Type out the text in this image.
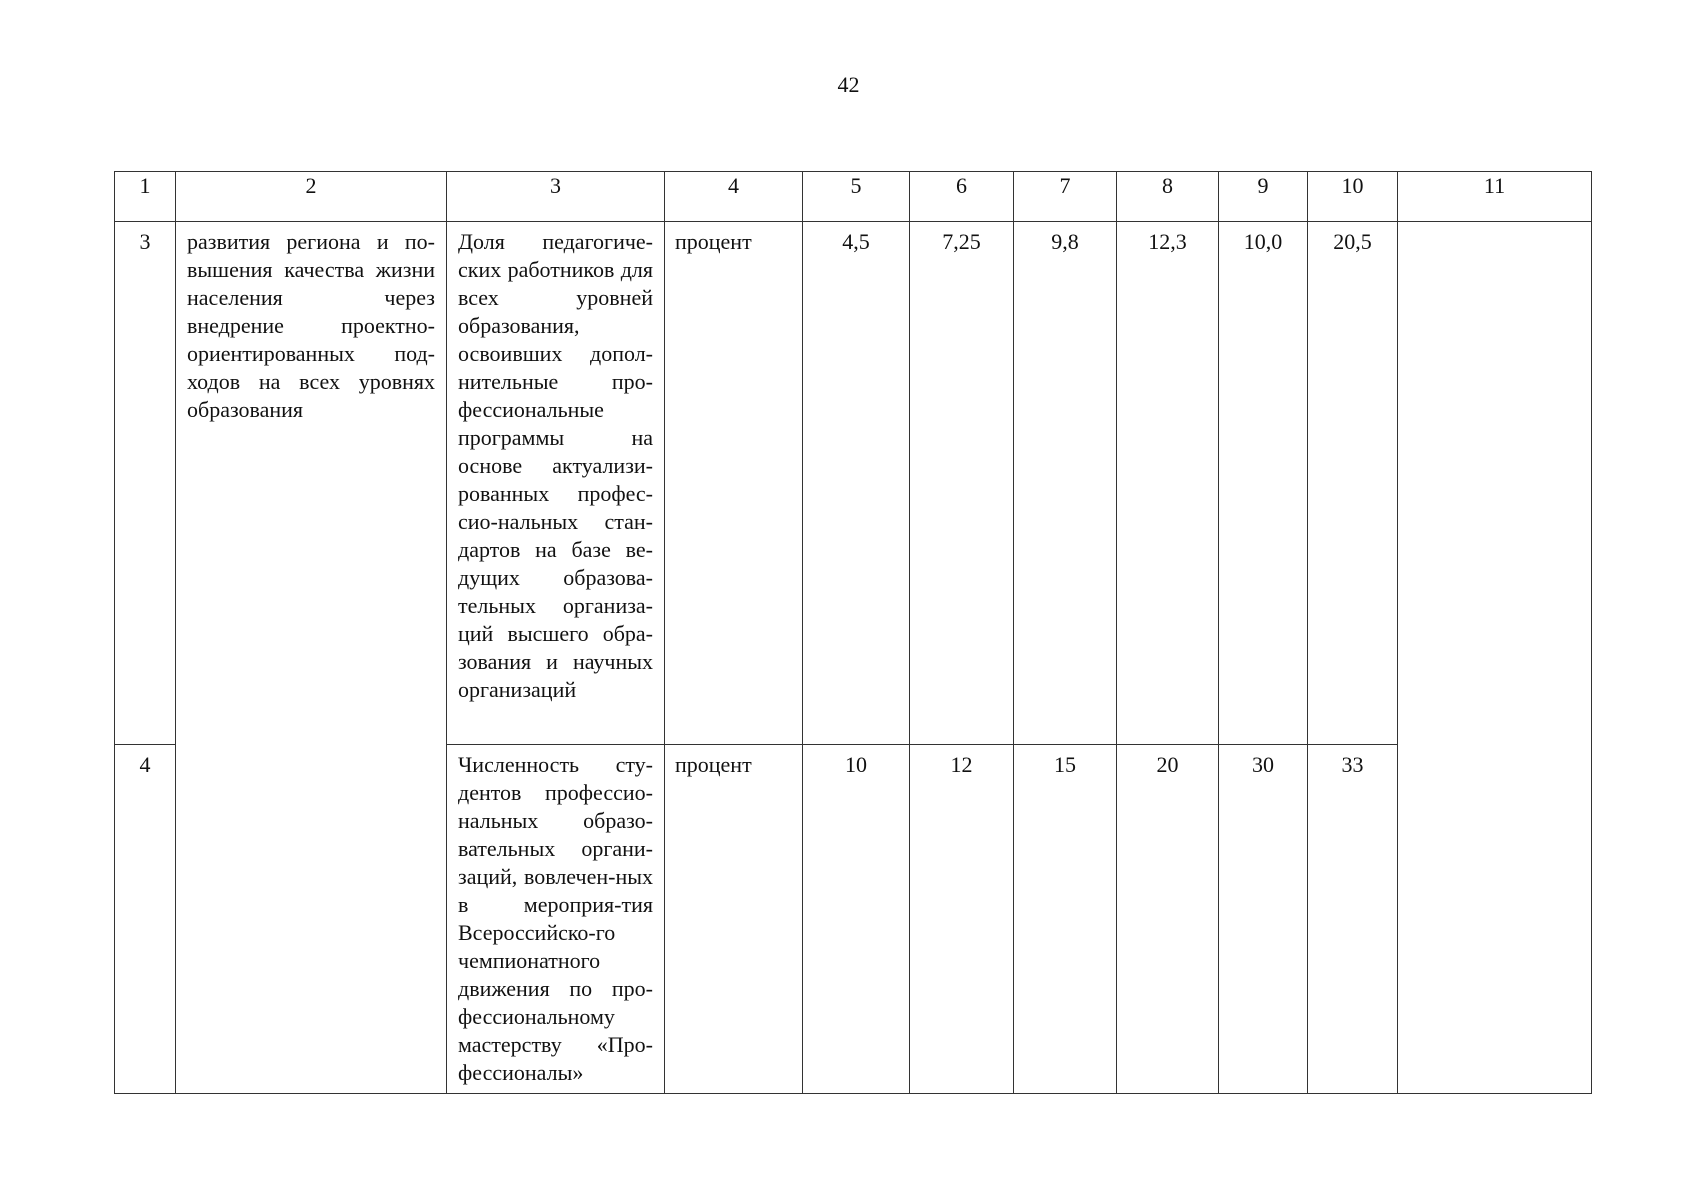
42
1	2	3	4	5	6	7	8	9	10	11
3	развития региона и по-вышения качества жизни населения через внедрение проектно-ориентированных под-ходов на всех уровнях образования	Доля педагогиче-ских работников для всех уровней образования, освоивших допол-нительные про-фессиональные программы на основе актуализи-рованных профес-сио-нальных стан-дартов на базе ве-дущих образова-тельных организа-ций высшего обра-зования и научных организаций	процент	4,5	7,25	9,8	12,3	10,0	20,5	
4		Численность сту-дентов профессио-нальных образо-вательных органи-заций, вовлечен-ных в мероприя-тия Всероссийско-го чемпионатного движения по про-фессиональному мастерству «Про-фессионалы»	процент	10	12	15	20	30	33	
